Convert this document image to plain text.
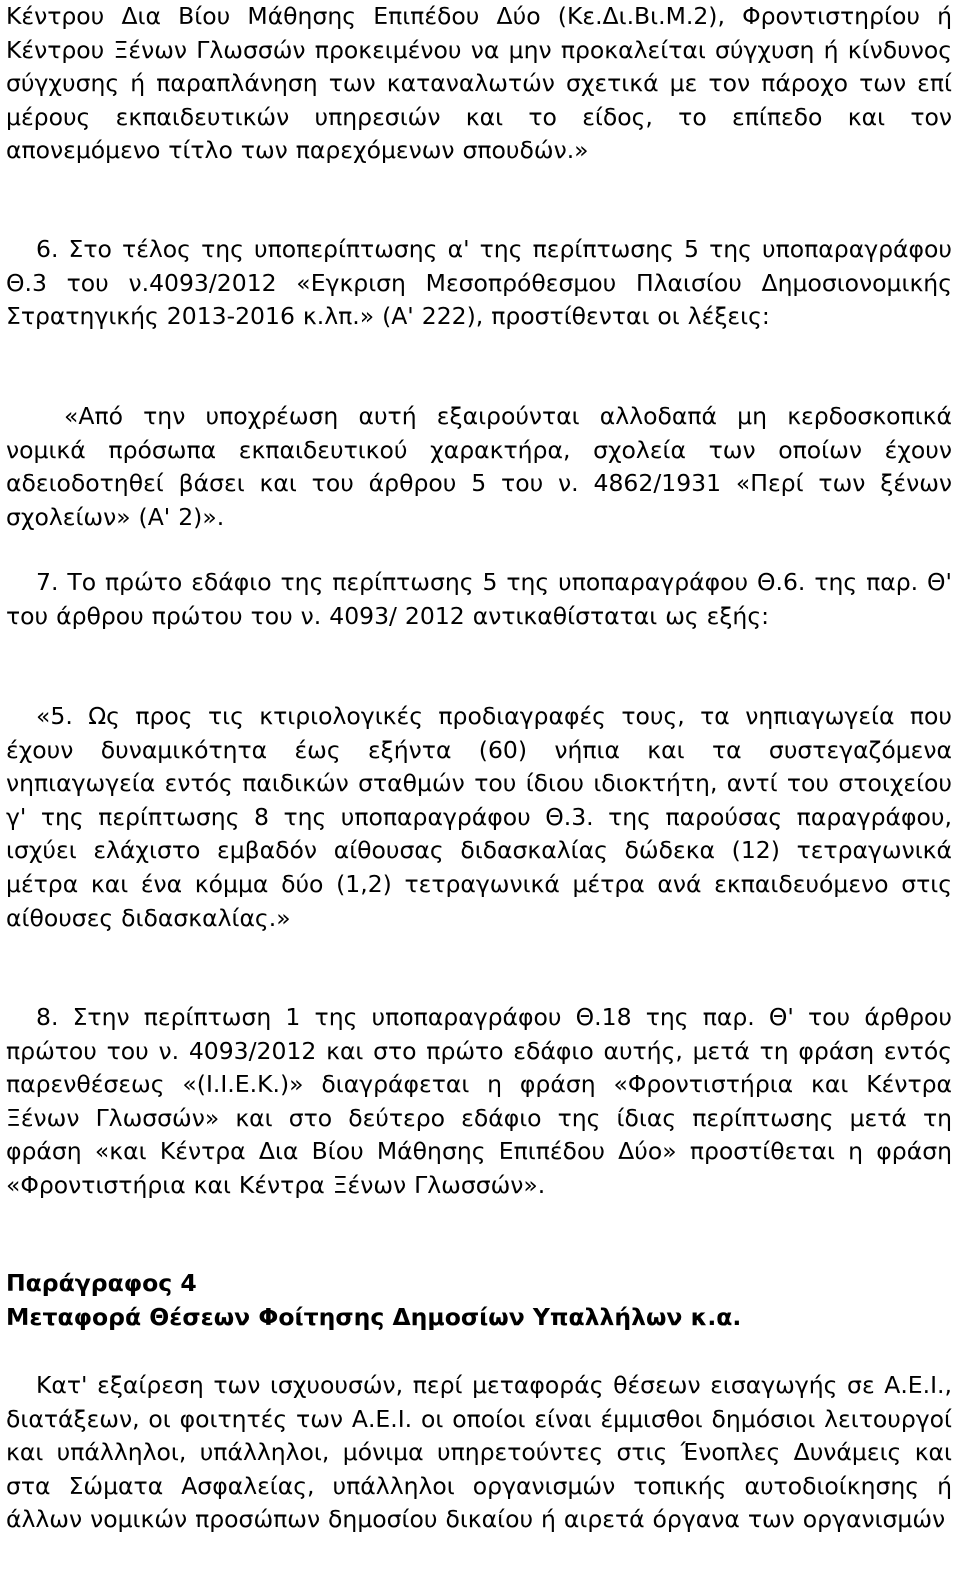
Κέντρου Δια Βίου Μάθησης Επιπέδου Δύο (Κε.Δι.Βι.Μ.2), Φροντιστηρίου ή Κέντρου Ξένων Γλωσσών προκειμένου να μην προκαλείται σύγχυση ή κίνδυνος σύγχυσης ή παραπλάνηση των καταναλωτών σχετικά με τον πάροχο των επί μέρους εκπαιδευτικών υπηρεσιών και το είδος, το επίπεδο και τον απονεμόμενο τίτλο των παρεχόμενων σπουδών.»

6. Στο τέλος της υποπερίπτωσης α' της περίπτωσης 5 της υποπαραγράφου Θ.3 του ν.4093/2012 «Εγκριση Μεσοπρόθεσμου Πλαισίου Δημοσιονομικής Στρατηγικής 2013-2016 κ.λπ.» (Α' 222), προστίθενται οι λέξεις:

«Από την υποχρέωση αυτή εξαιρούνται αλλοδαπά μη κερδοσκοπικά νομικά πρόσωπα εκπαιδευτικού χαρακτήρα, σχολεία των οποίων έχουν αδειοδοτηθεί βάσει και του άρθρου 5 του ν. 4862/1931 «Περί των ξένων σχολείων» (Α' 2)».

7. Το πρώτο εδάφιο της περίπτωσης 5 της υποπαραγράφου Θ.6. της παρ. Θ' του άρθρου πρώτου του ν. 4093/ 2012 αντικαθίσταται ως εξής:

«5. Ως προς τις κτιριολογικές προδιαγραφές τους, τα νηπιαγωγεία που έχουν δυναμικότητα έως εξήντα (60) νήπια και τα συστεγαζόμενα νηπιαγωγεία εντός παιδικών σταθμών του ίδιου ιδιοκτήτη, αντί του στοιχείου γ' της περίπτωσης 8 της υποπαραγράφου Θ.3. της παρούσας παραγράφου, ισχύει ελάχιστο εμβαδόν αίθουσας διδασκαλίας δώδεκα (12) τετραγωνικά μέτρα και ένα κόμμα δύο (1,2) τετραγωνικά μέτρα ανά εκπαιδευόμενο στις αίθουσες διδασκαλίας.»

8. Στην περίπτωση 1 της υποπαραγράφου Θ.18 της παρ. Θ' του άρθρου πρώτου του ν. 4093/2012 και στο πρώτο εδάφιο αυτής, μετά τη φράση εντός παρενθέσεως «(Ι.Ι.Ε.Κ.)» διαγράφεται η φράση «Φροντιστήρια και Κέντρα Ξένων Γλωσσών» και στο δεύτερο εδάφιο της ίδιας περίπτωσης μετά τη φράση «και Κέντρα Δια Βίου Μάθησης Επιπέδου Δύο» προστίθεται η φράση «Φροντιστήρια και Κέντρα Ξένων Γλωσσών».

Παράγραφος 4

Μεταφορά Θέσεων Φοίτησης Δημοσίων Υπαλλήλων κ.α.

Κατ' εξαίρεση των ισχυουσών, περί μεταφοράς θέσεων εισαγωγής σε Α.Ε.Ι., διατάξεων, οι φοιτητές των Α.Ε.Ι. οι οποίοι είναι έμμισθοι δημόσιοι λειτουργοί και υπάλληλοι, υπάλληλοι, μόνιμα υπηρετούντες στις Ένοπλες Δυνάμεις και στα Σώματα Ασφαλείας, υπάλληλοι οργανισμών τοπικής αυτοδιοίκησης ή άλλων νομικών προσώπων δημοσίου δικαίου ή αιρετά όργανα των οργανισμών
